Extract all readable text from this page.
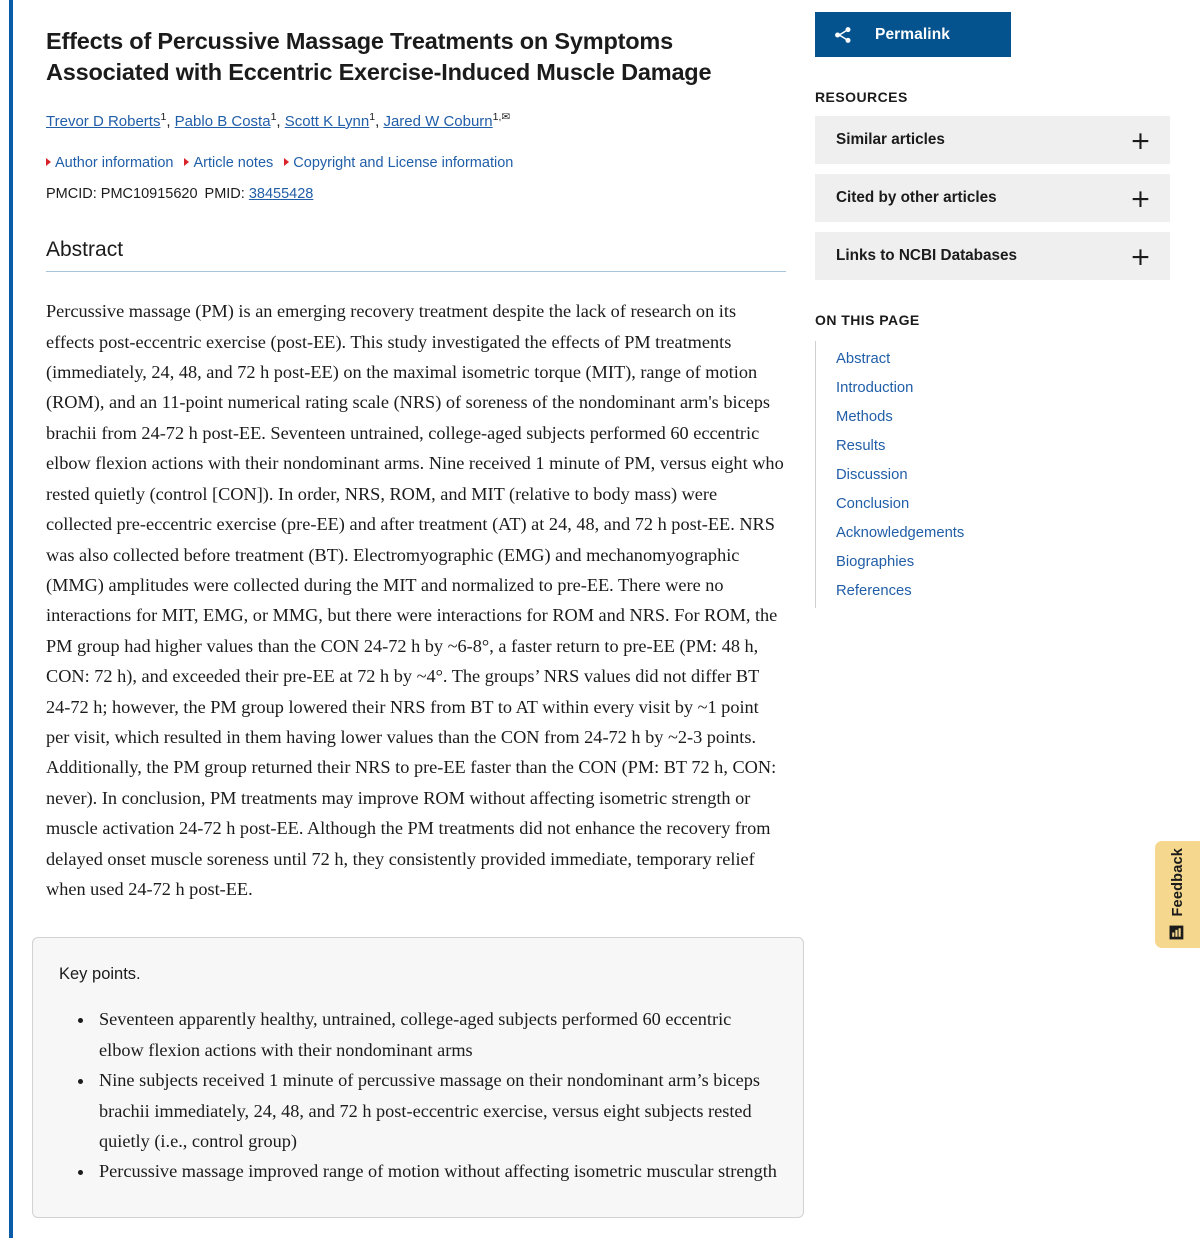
Effects of Percussive Massage Treatments on Symptoms Associated with Eccentric Exercise-Induced Muscle Damage
Trevor D Roberts$^1$, Pablo B Costa$^1$, Scott K Lynn$^1$, Jared W Coburn$^{1,✉}$
Author information Article notes Copyright and License information
PMCID: PMC10915620 PMID: 38455428
Abstract

Percussive massage (PM) is an emerging recovery treatment despite the lack of research on its effects post-eccentric exercise (post-EE). This study investigated the effects of PM treatments (immediately, 24, 48, and 72 h post-EE) on the maximal isometric torque (MIT), range of motion (ROM), and an 11-point numerical rating scale (NRS) of soreness of the nondominant arm's biceps brachii from 24-72 h post-EE. Seventeen untrained, college-aged subjects performed 60 eccentric elbow flexion actions with their nondominant arms. Nine received 1 minute of PM, versus eight who rested quietly (control [CON]). In order, NRS, ROM, and MIT (relative to body mass) were collected pre-eccentric exercise (pre-EE) and after treatment (AT) at 24, 48, and 72 h post-EE. NRS was also collected before treatment (BT). Electromyographic (EMG) and mechanomyographic (MMG) amplitudes were collected during the MIT and normalized to pre-EE. There were no interactions for MIT, EMG, or MMG, but there were interactions for ROM and NRS. For ROM, the PM group had higher values than the CON 24-72 h by ~6-8°, a faster return to pre-EE (PM: 48 h, CON: 72 h), and exceeded their pre-EE at 72 h by ~4°. The groups’ NRS values did not differ BT 24-72 h; however, the PM group lowered their NRS from BT to AT within every visit by ~1 point per visit, which resulted in them having lower values than the CON from 24-72 h by ~2-3 points. Additionally, the PM group returned their NRS to pre-EE faster than the CON (PM: BT 72 h, CON: never). In conclusion, PM treatments may improve ROM without affecting isometric strength or muscle activation 24-72 h post-EE. Although the PM treatments did not enhance the recovery from delayed onset muscle soreness until 72 h, they consistently provided immediate, temporary relief when used 24-72 h post-EE.

Key points.
• Seventeen apparently healthy, untrained, college-aged subjects performed 60 eccentric elbow flexion actions with their nondominant arms
• Nine subjects received 1 minute of percussive massage on their nondominant arm’s biceps brachii immediately, 24, 48, and 72 h post-eccentric exercise, versus eight subjects rested quietly (i.e., control group)
• Percussive massage improved range of motion without affecting isometric muscular strength
Permalink
RESOURCES
Similar articles	+
Cited by other articles	+
Links to NCBI Databases	+
ON THIS PAGE
Abstract
Introduction
Methods
Results
Discussion
Conclusion
Acknowledgements
Biographies
References
Feedback
